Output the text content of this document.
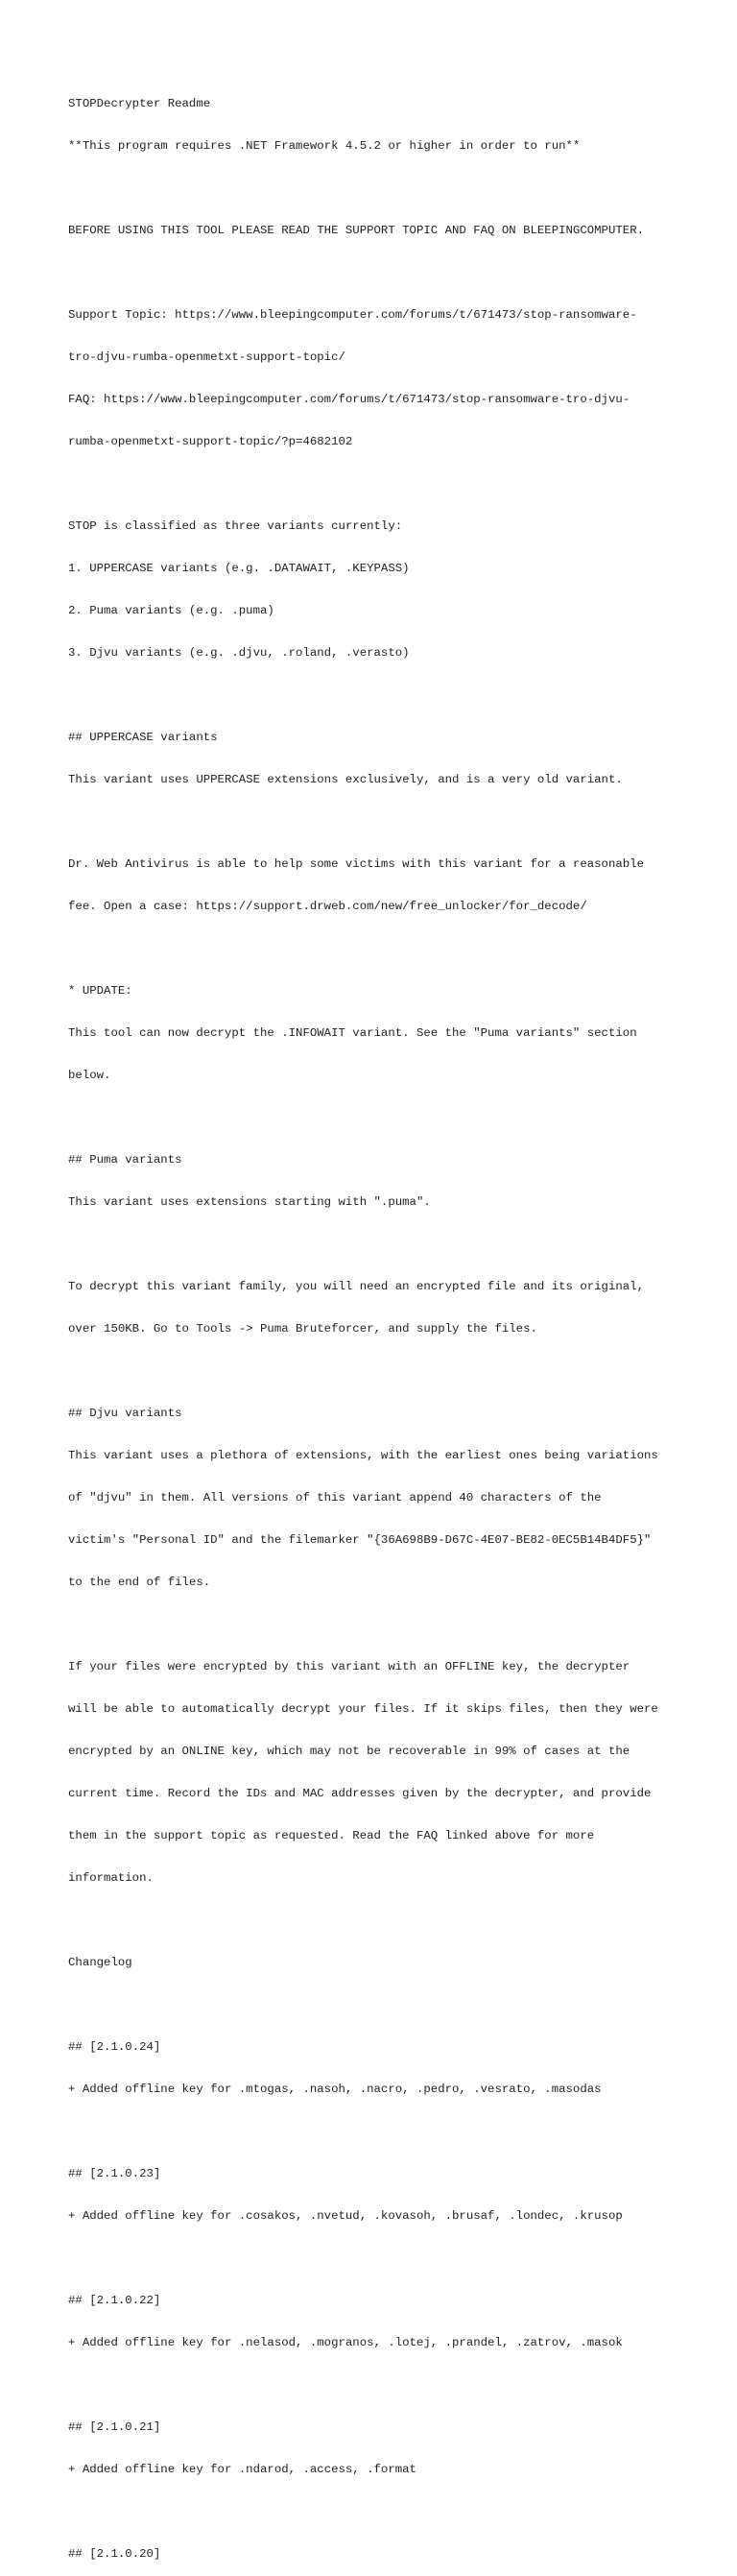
STOPDecrypter Readme

**This program requires .NET Framework 4.5.2 or higher in order to run**

BEFORE USING THIS TOOL PLEASE READ THE SUPPORT TOPIC AND FAQ ON BLEEPINGCOMPUTER.

Support Topic: https://www.bleepingcomputer.com/forums/t/671473/stop-ransomware-

tro-djvu-rumba-openmetxt-support-topic/

FAQ: https://www.bleepingcomputer.com/forums/t/671473/stop-ransomware-tro-djvu-

rumba-openmetxt-support-topic/?p=4682102

STOP is classified as three variants currently:

1. UPPERCASE variants (e.g. .DATAWAIT, .KEYPASS)

2. Puma variants (e.g. .puma)

3. Djvu variants (e.g. .djvu, .roland, .verasto)

## UPPERCASE variants

This variant uses UPPERCASE extensions exclusively, and is a very old variant.

Dr. Web Antivirus is able to help some victims with this variant for a reasonable

fee. Open a case: https://support.drweb.com/new/free_unlocker/for_decode/

* UPDATE:

This tool can now decrypt the .INFOWAIT variant. See the "Puma variants" section

below.

## Puma variants

This variant uses extensions starting with ".puma".

To decrypt this variant family, you will need an encrypted file and its original,

over 150KB. Go to Tools -> Puma Bruteforcer, and supply the files.

## Djvu variants

This variant uses a plethora of extensions, with the earliest ones being variations

of "djvu" in them. All versions of this variant append 40 characters of the

victim's "Personal ID" and the filemarker "{36A698B9-D67C-4E07-BE82-0EC5B14B4DF5}"

to the end of files.

If your files were encrypted by this variant with an OFFLINE key, the decrypter

will be able to automatically decrypt your files. If it skips files, then they were

encrypted by an ONLINE key, which may not be recoverable in 99% of cases at the

current time. Record the IDs and MAC addresses given by the decrypter, and provide

them in the support topic as requested. Read the FAQ linked above for more

information.

Changelog

## [2.1.0.24]

+ Added offline key for .mtogas, .nasoh, .nacro, .pedro, .vesrato, .masodas

## [2.1.0.23]

+ Added offline key for .cosakos, .nvetud, .kovasoh, .brusaf, .londec, .krusop

## [2.1.0.22]

+ Added offline key for .nelasod, .mogranos, .lotej, .prandel, .zatrov, .masok

## [2.1.0.21]

+ Added offline key for .ndarod, .access, .format

## [2.1.0.20]
